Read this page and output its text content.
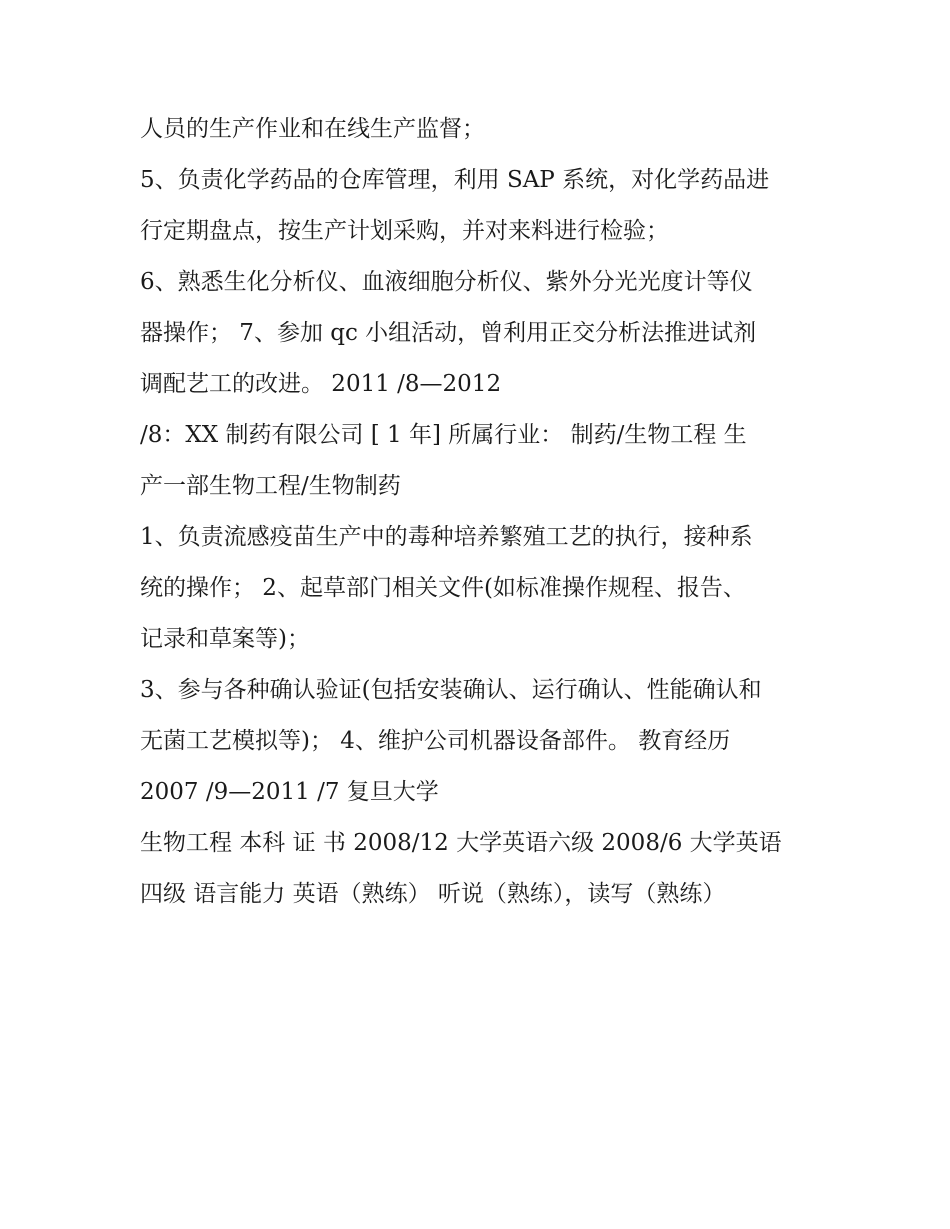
人员的生产作业和在线生产监督；
5、负责化学药品的仓库管理，利用 SAP 系统，对化学药品进
行定期盘点，按生产计划采购，并对来料进行检验；
6、熟悉生化分析仪、血液细胞分析仪、紫外分光光度计等仪
器操作； 7、参加 qc 小组活动，曾利用正交分析法推进试剂
调配艺工的改进。 2011 /8—2012
/8：XX 制药有限公司 [ 1 年] 所属行业： 制药/生物工程 生
产一部生物工程/生物制药
1、负责流感疫苗生产中的毒种培养繁殖工艺的执行，接种系
统的操作； 2、起草部门相关文件(如标准操作规程、报告、
记录和草案等)；
3、参与各种确认验证(包括安装确认、运行确认、性能确认和
无菌工艺模拟等)； 4、维护公司机器设备部件。 教育经历
2007 /9—2011 /7 复旦大学
生物工程 本科 证 书 2008/12 大学英语六级 2008/6 大学英语
四级 语言能力 英语（熟练） 听说（熟练），读写（熟练）
